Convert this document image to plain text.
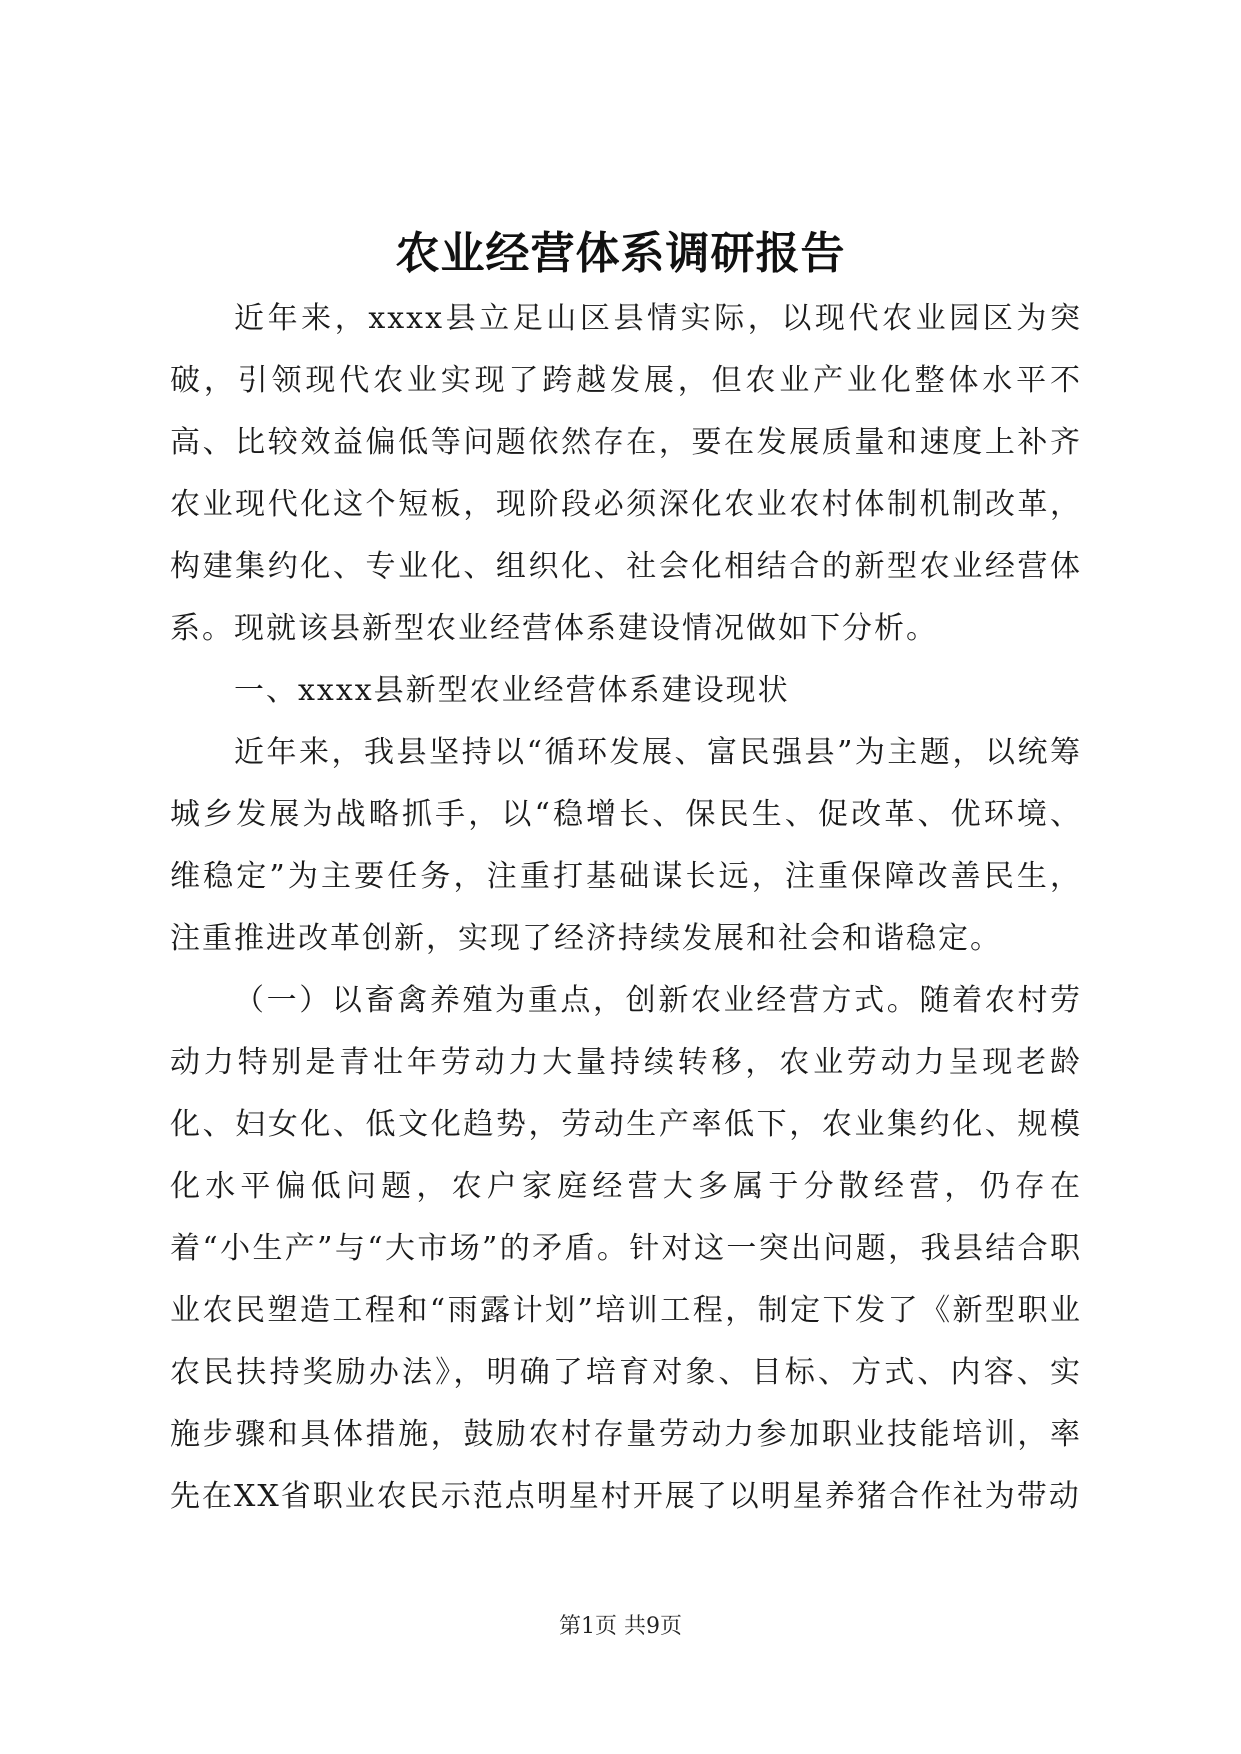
农业经营体系调研报告

近年来，xxxx县立足山区县情实际，以现代农业园区为突破，引领现代农业实现了跨越发展，但农业产业化整体水平不高、比较效益偏低等问题依然存在，要在发展质量和速度上补齐农业现代化这个短板，现阶段必须深化农业农村体制机制改革，构建集约化、专业化、组织化、社会化相结合的新型农业经营体系。现就该县新型农业经营体系建设情况做如下分析。

一、xxxx县新型农业经营体系建设现状

近年来，我县坚持以“循环发展、富民强县”为主题，以统筹城乡发展为战略抓手，以“稳增长、保民生、促改革、优环境、维稳定”为主要任务，注重打基础谋长远，注重保障改善民生，注重推进改革创新，实现了经济持续发展和社会和谐稳定。

（一）以畜禽养殖为重点，创新农业经营方式。随着农村劳动力特别是青壮年劳动力大量持续转移，农业劳动力呈现老龄化、妇女化、低文化趋势，劳动生产率低下，农业集约化、规模化水平偏低问题，农户家庭经营大多属于分散经营，仍存在着“小生产”与“大市场”的矛盾。针对这一突出问题，我县结合职业农民塑造工程和“雨露计划”培训工程，制定下发了《新型职业农民扶持奖励办法》，明确了培育对象、目标、方式、内容、实施步骤和具体措施，鼓励农村存量劳动力参加职业技能培训，率先在XX省职业农民示范点明星村开展了以明星养猪合作社为带动

第1页 共9页
